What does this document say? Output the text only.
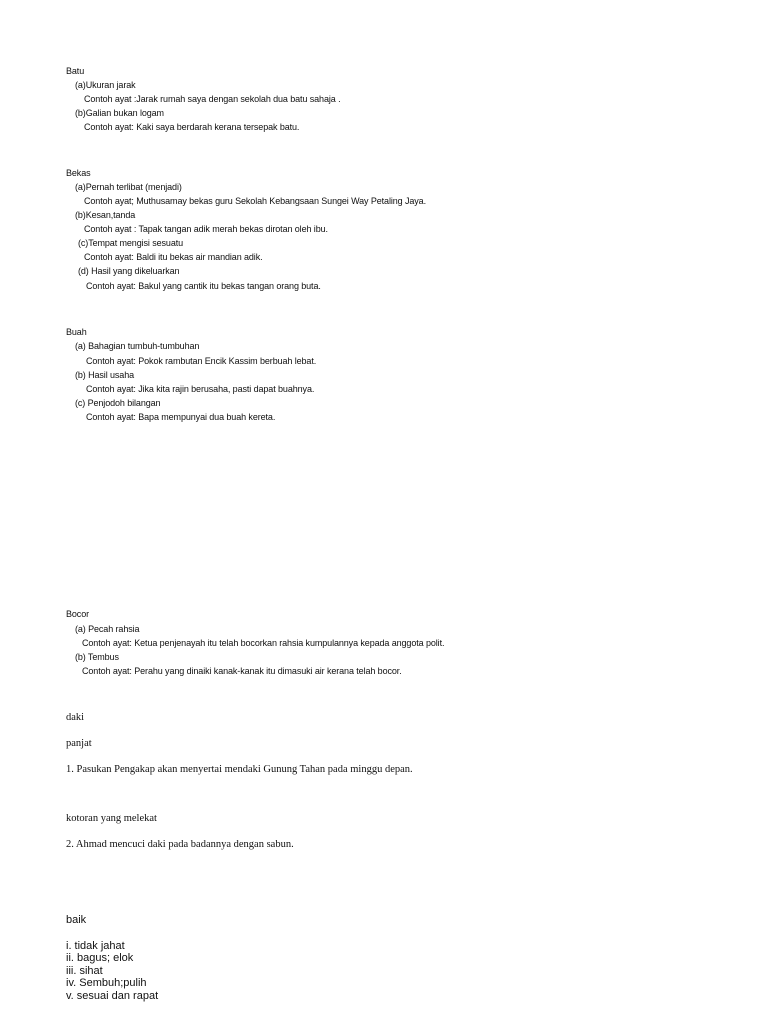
Batu
(a)Ukuran jarak
Contoh ayat :Jarak rumah saya dengan sekolah dua batu sahaja .
(b)Galian bukan logam
Contoh ayat: Kaki saya berdarah kerana tersepak batu.
Bekas
(a)Pernah terlibat (menjadi)
Contoh ayat; Muthusamay bekas guru Sekolah Kebangsaan Sungei Way Petaling Jaya.
(b)Kesan,tanda
Contoh ayat : Tapak tangan adik merah bekas dirotan oleh ibu.
(c)Tempat mengisi sesuatu
Contoh ayat: Baldi itu bekas air mandian adik.
(d) Hasil yang dikeluarkan
Contoh ayat: Bakul yang cantik itu bekas tangan orang buta.
Buah
(a) Bahagian tumbuh-tumbuhan
Contoh ayat: Pokok rambutan Encik Kassim berbuah lebat.
(b) Hasil usaha
Contoh ayat: Jika kita rajin berusaha, pasti dapat buahnya.
(c) Penjodoh bilangan
Contoh ayat: Bapa mempunyai dua buah kereta.
Bocor
(a) Pecah rahsia
Contoh ayat: Ketua penjenayah itu telah bocorkan rahsia kumpulannya kepada anggota polit.
(b) Tembus
Contoh ayat: Perahu yang dinaiki kanak-kanak itu dimasuki air kerana telah bocor.
daki
panjat
1. Pasukan Pengakap akan menyertai mendaki Gunung Tahan pada minggu depan.
kotoran yang melekat
2. Ahmad mencuci daki pada badannya dengan sabun.
baik
i. tidak jahat
ii. bagus; elok
iii. sihat
iv. Sembuh;pulih
v. sesuai dan rapat
